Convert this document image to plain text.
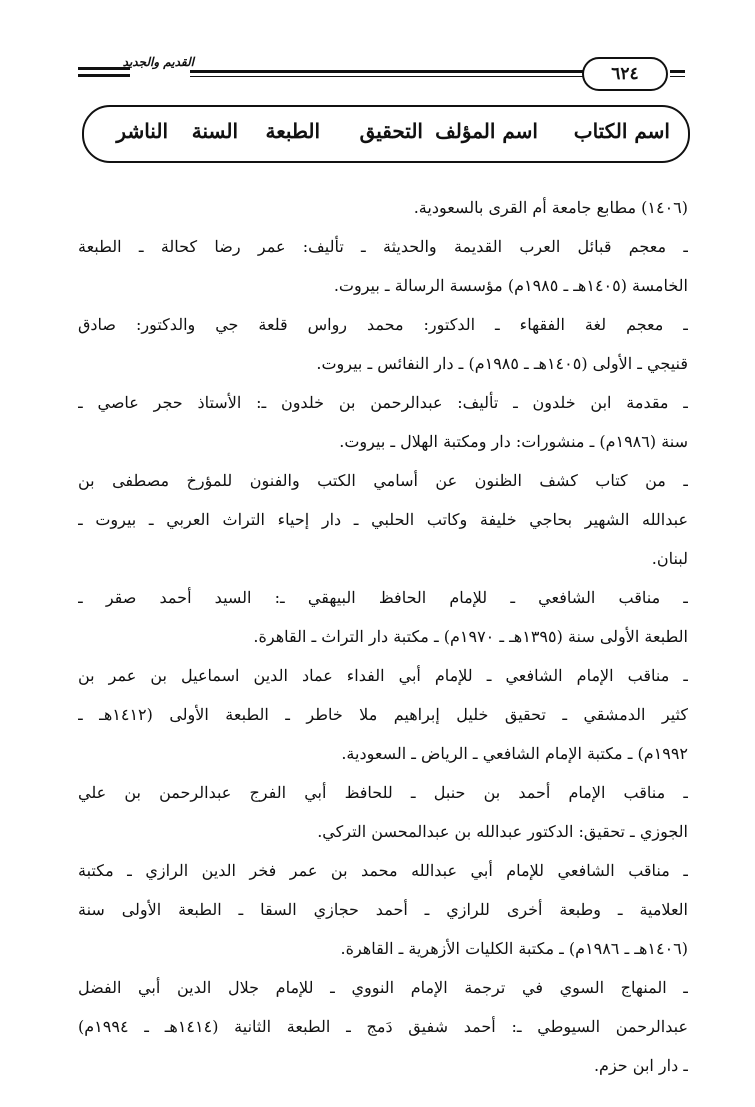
القديم والجديد
٦٢٤
اسم الكتاب
اسم المؤلف
التحقيق
الطبعة
السنة
الناشر
(١٤٠٦) مطابع جامعة أم القرى بالسعودية.
ـ معجم قبائل العرب القديمة والحديثة ـ تأليف: عمر رضا كحالة ـ الطبعة
الخامسة (١٤٠٥هـ ـ ١٩٨٥م) مؤسسة الرسالة ـ بيروت.
ـ معجم لغة الفقهاء ـ الدكتور: محمد رواس قلعة جي والدكتور: صادق
قنيجي ـ الأولى (١٤٠٥هـ ـ ١٩٨٥م) ـ دار النفائس ـ بيروت.
ـ مقدمة ابن خلدون ـ تأليف: عبدالرحمن بن خلدون ـ: الأستاذ حجر عاصي ـ
سنة (١٩٨٦م) ـ منشورات: دار ومكتبة الهلال ـ بيروت.
ـ من كتاب كشف الظنون عن أسامي الكتب والفنون للمؤرخ مصطفى بن
عبدالله الشهير بحاجي خليفة وكاتب الحلبي ـ دار إحياء التراث العربي ـ بيروت ـ
لبنان.
ـ مناقب الشافعي ـ للإمام الحافظ البيهقي ـ: السيد أحمد صقر ـ
الطبعة الأولى سنة (١٣٩٥هـ ـ ١٩٧٠م) ـ مكتبة دار التراث ـ القاهرة.
ـ مناقب الإمام الشافعي ـ للإمام أبي الفداء عماد الدين اسماعيل بن عمر بن
كثير الدمشقي ـ تحقيق خليل إبراهيم ملا خاطر ـ الطبعة الأولى (١٤١٢هـ ـ
١٩٩٢م) ـ مكتبة الإمام الشافعي ـ الرياض ـ السعودية.
ـ مناقب الإمام أحمد بن حنبل ـ للحافظ أبي الفرج عبدالرحمن بن علي
الجوزي ـ تحقيق: الدكتور عبدالله بن عبدالمحسن التركي.
ـ مناقب الشافعي للإمام أبي عبدالله محمد بن عمر فخر الدين الرازي ـ مكتبة
العلامية ـ وطبعة أخرى للرازي ـ أحمد حجازي السقا ـ الطبعة الأولى سنة
(١٤٠٦هـ ـ ١٩٨٦م) ـ مكتبة الكليات الأزهرية ـ القاهرة.
ـ المنهاج السوي في ترجمة الإمام النووي ـ للإمام جلال الدين أبي الفضل
عبدالرحمن السيوطي ـ: أحمد شفيق دَمج ـ الطبعة الثانية (١٤١٤هـ ـ ١٩٩٤م)
ـ دار ابن حزم.
